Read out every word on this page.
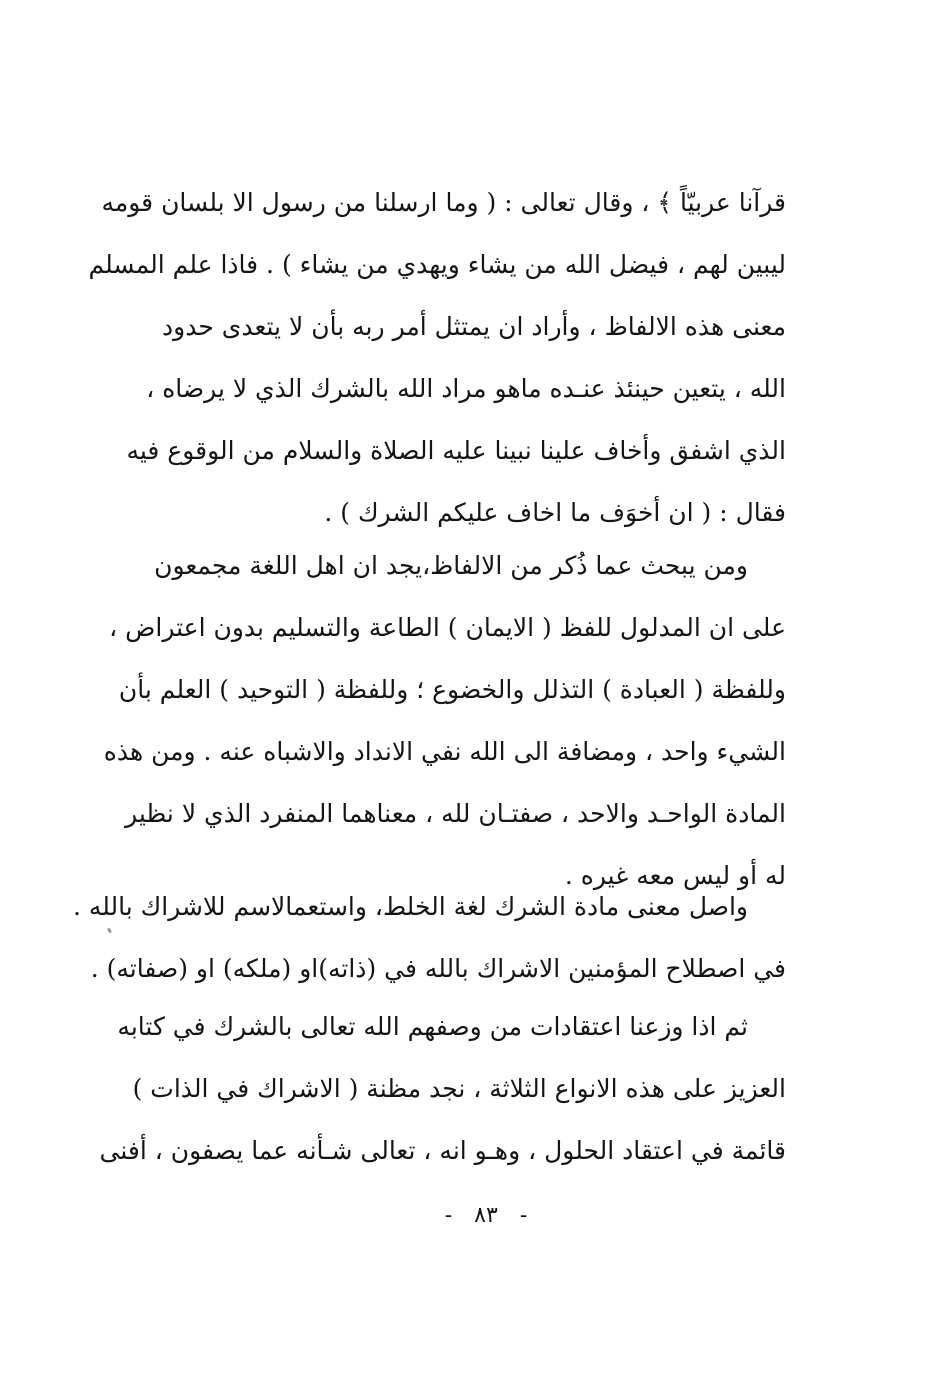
قرآنا عربيّاً ﴾ ، وقال تعالى : ( وما ارسلنا من رسول الا بلسان قومه
ليبين لهم ، فيضل الله من يشاء ويهدي من يشاء ) . فاذا علم المسلم
معنى هذه الالفاظ ، وأراد ان يمتثل أمر ربه بأن لا يتعدى حدود
الله ، يتعين حينئذ عنـده ماهو مراد الله بالشرك الذي لا يرضاه ،
الذي اشفق وأخاف علينا نبينا عليه الصلاة والسلام من الوقوع فيه
فقال : ( ان أخوَف ما اخاف عليكم الشرك ) .
ومن يبحث عما ذُكر من الالفاظ،يجد ان اهل اللغة مجمعون
على ان المدلول للفظ ( الايمان ) الطاعة والتسليم بدون اعتراض ،
وللفظة ( العبادة ) التذلل والخضوع ؛ وللفظة ( التوحيد ) العلم بأن
الشيء واحد ، ومضافة الى الله نفي الانداد والاشباه عنه . ومن هذه
المادة الواحـد والاحد ، صفتـان لله ، معناهما المنفرد الذي لا نظير
له أو ليس معه غيره .
واصل معنى مادة الشرك لغة الخلط، واستعمالاسم للاشراك بالله .
في اصطلاح المؤمنين الاشراك بالله في (ذاته)او (ملكه) او (صفاته) .
ثم اذا وزعنا اعتقادات من وصفهم الله تعالى بالشرك في كتابه
العزيز على هذه الانواع الثلاثة ، نجد مظنة ( الاشراك في الذات )
قائمة في اعتقاد الحلول ، وهـو انه ، تعالى شـأنه عما يصفون ، أفنى
-٨٣-
